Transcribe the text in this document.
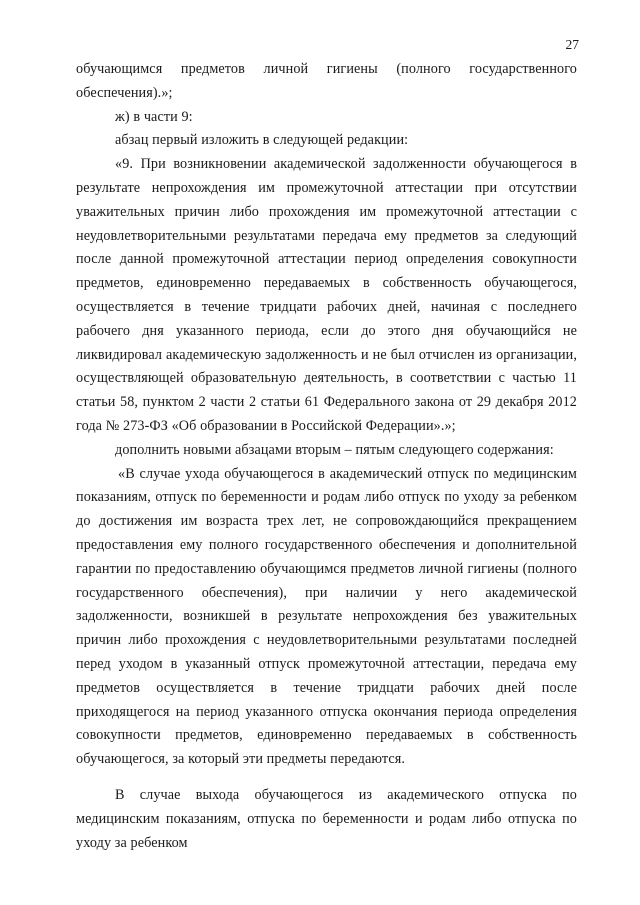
27

обучающимся предметов личной гигиены (полного государственного обеспечения).»;

ж) в части 9:

абзац первый изложить в следующей редакции:

«9. При возникновении академической задолженности обучающегося в результате непрохождения им промежуточной аттестации при отсутствии уважительных причин либо прохождения им промежуточной аттестации с неудовлетворительными результатами передача ему предметов за следующий после данной промежуточной аттестации период определения совокупности предметов, единовременно передаваемых в собственность обучающегося, осуществляется в течение тридцати рабочих дней, начиная с последнего рабочего дня указанного периода, если до этого дня обучающийся не ликвидировал академическую задолженность и не был отчислен из организации, осуществляющей образовательную деятельность, в соответствии с частью 11 статьи 58, пунктом 2 части 2 статьи 61 Федерального закона от 29 декабря 2012 года № 273-ФЗ «Об образовании в Российской Федерации».»;

дополнить новыми абзацами вторым – пятым следующего содержания:

«В случае ухода обучающегося в академический отпуск по медицинским показаниям, отпуск по беременности и родам либо отпуск по уходу за ребенком до достижения им возраста трех лет, не сопровождающийся прекращением предоставления ему полного государственного обеспечения и дополнительной гарантии по предоставлению обучающимся предметов личной гигиены (полного государственного обеспечения), при наличии у него академической задолженности, возникшей в результате непрохождения без уважительных причин либо прохождения с неудовлетворительными результатами последней перед уходом в указанный отпуск промежуточной аттестации, передача ему предметов осуществляется в течение тридцати рабочих дней после приходящегося на период указанного отпуска окончания периода определения совокупности предметов, единовременно передаваемых в собственность обучающегося, за который эти предметы передаются.

В случае выхода обучающегося из академического отпуска по медицинским показаниям, отпуска по беременности и родам либо отпуска по уходу за ребенком
